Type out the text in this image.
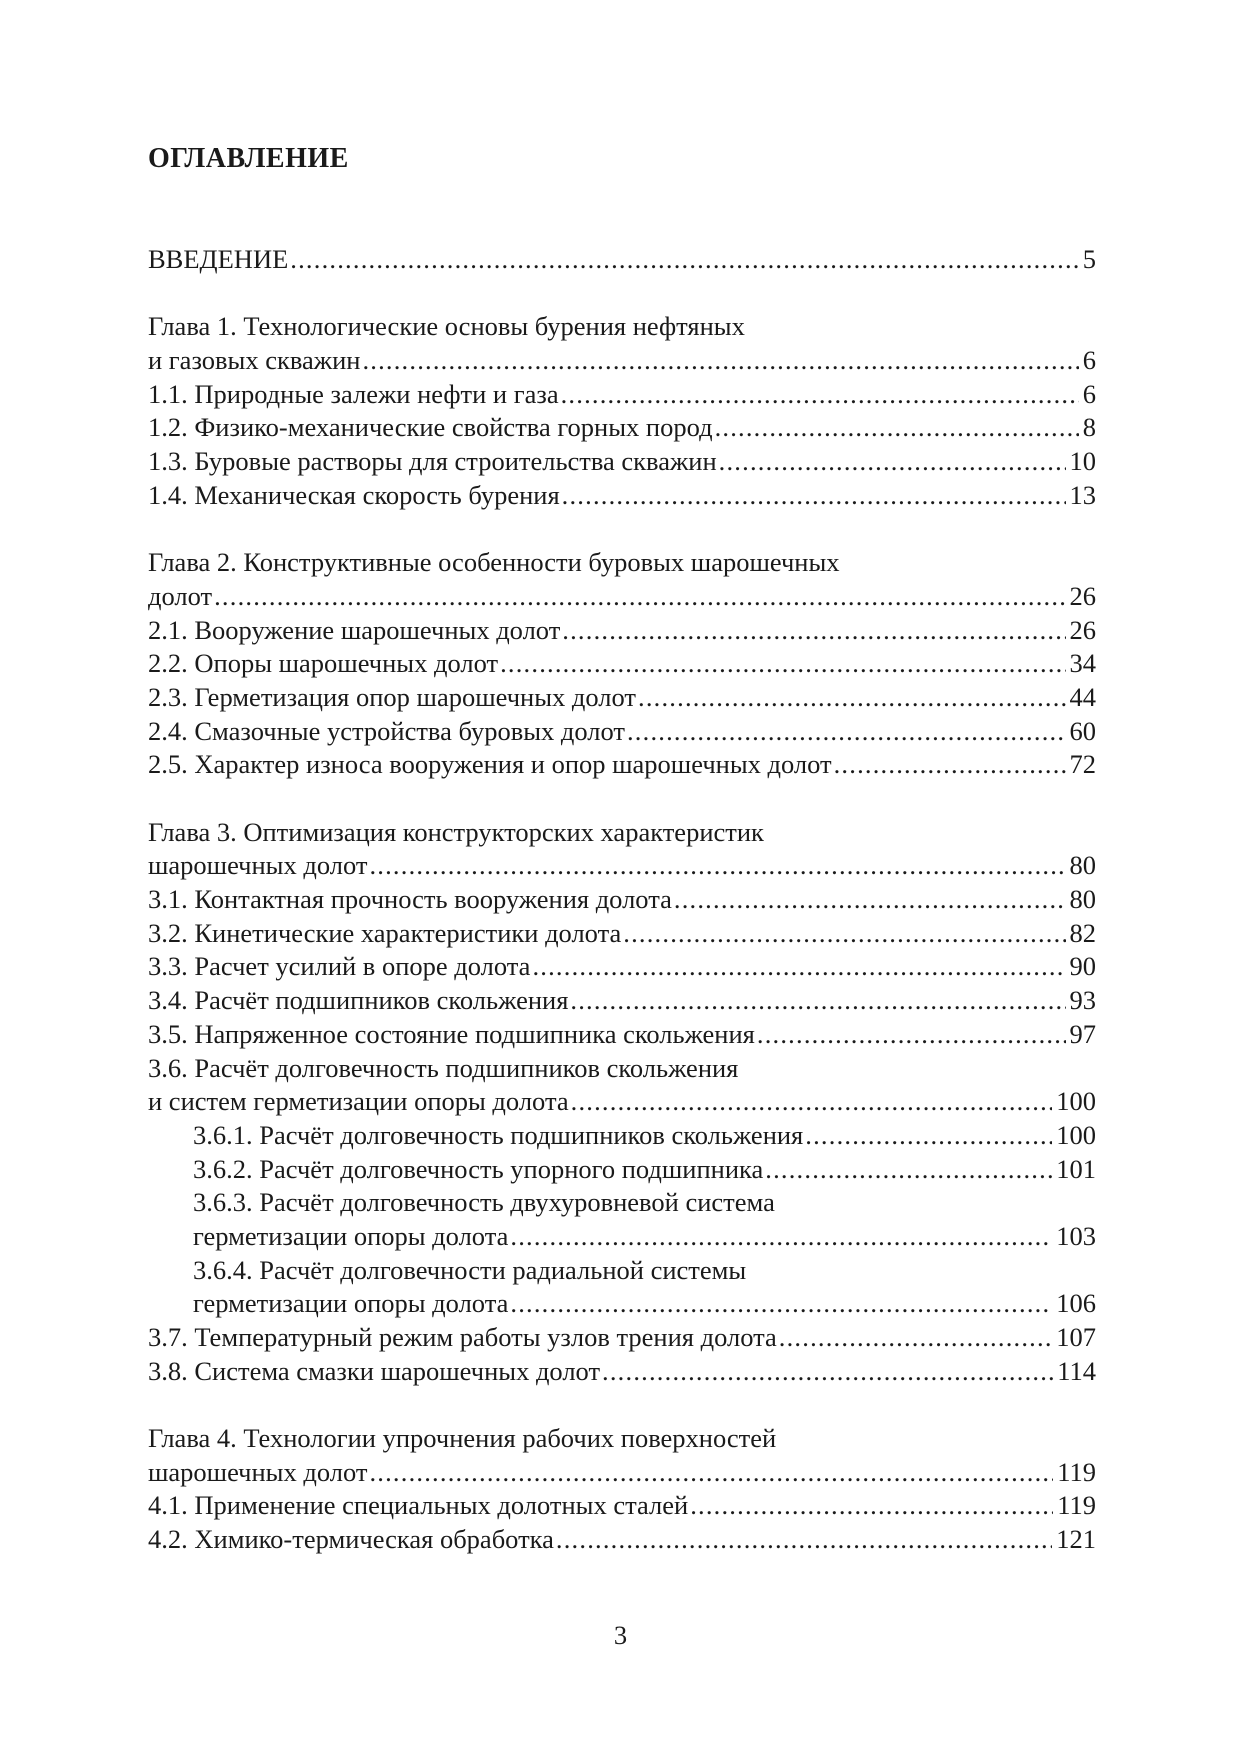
ОГЛАВЛЕНИЕ
ВВЕДЕНИЕ .....	5
Глава 1. Технологические основы бурения нефтяных
и газовых скважин .....	6
1.1. Природные залежи нефти и газа .....	6
1.2. Физико-механические свойства горных пород .....	8
1.3. Буровые растворы для строительства скважин .....	10
1.4. Механическая скорость бурения .....	13
Глава 2. Конструктивные особенности буровых шарошечных
долот .....	26
2.1. Вооружение шарошечных долот .....	26
2.2. Опоры шарошечных долот .....	34
2.3. Герметизация опор шарошечных долот .....	44
2.4. Смазочные устройства буровых долот .....	60
2.5. Характер износа вооружения и опор шарошечных долот .....	72
Глава 3. Оптимизация конструкторских характеристик
шарошечных долот .....	80
3.1. Контактная прочность вооружения долота .....	80
3.2. Кинетические характеристики долота .....	82
3.3. Расчет усилий в опоре долота .....	90
3.4. Расчёт подшипников скольжения .....	93
3.5. Напряженное состояние подшипника скольжения .....	97
3.6. Расчёт долговечность подшипников скольжения
и систем герметизации опоры долота .....	100
3.6.1. Расчёт долговечность подшипников скольжения .....	100
3.6.2. Расчёт долговечность упорного подшипника .....	101
3.6.3. Расчёт долговечность двухуровневой система
герметизации опоры долота .....	103
3.6.4. Расчёт долговечности радиальной системы
герметизации опоры долота .....	106
3.7. Температурный режим работы узлов трения долота .....	107
3.8. Система смазки шарошечных долот .....	114
Глава 4. Технологии упрочнения рабочих поверхностей
шарошечных долот .....	119
4.1. Применение специальных долотных сталей .....	119
4.2. Химико-термическая обработка .....	121
3
